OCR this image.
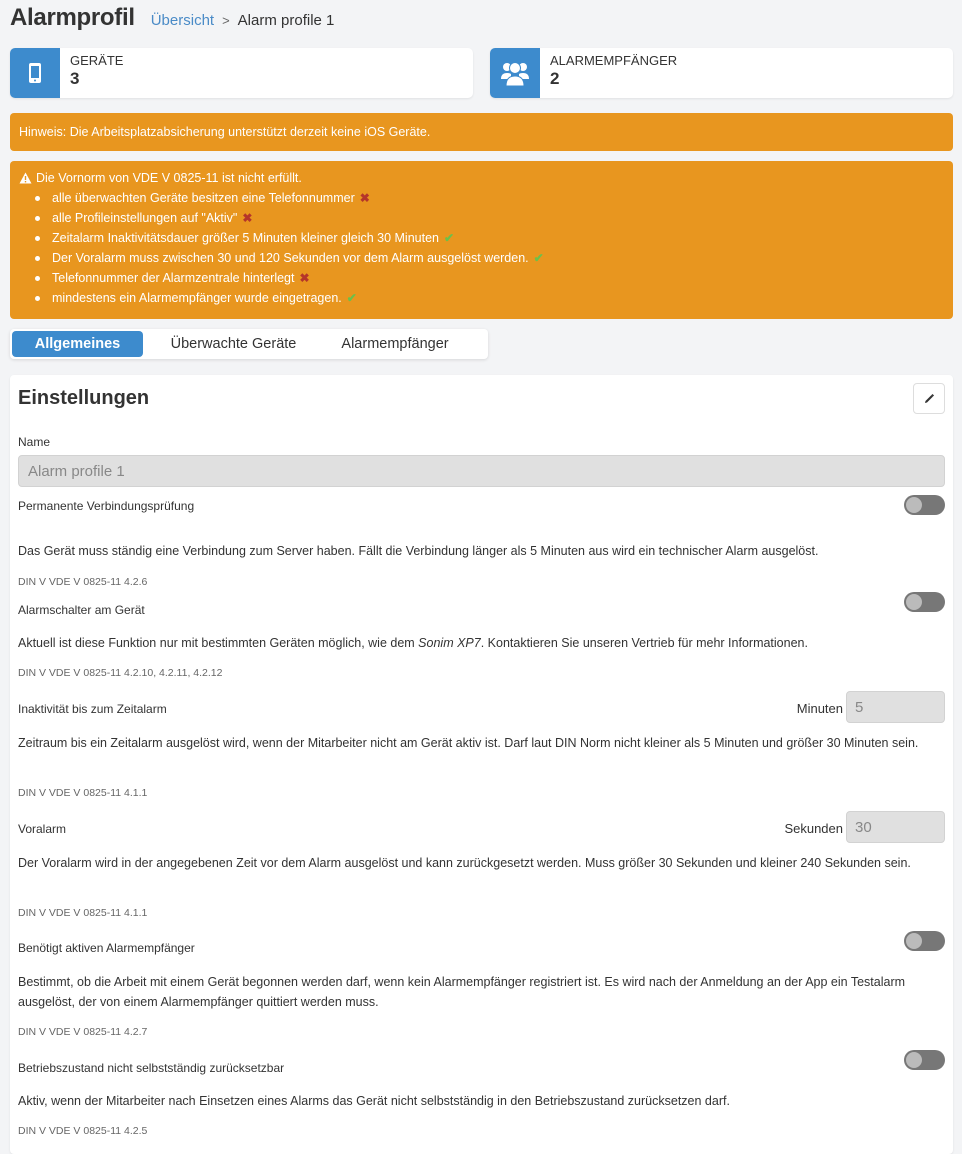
Alarmprofil Übersicht > Alarm profile 1
GERÄTE
3
ALARMEMPFÄNGER
2
Hinweis: Die Arbeitsplatzabsicherung unterstützt derzeit keine iOS Geräte.
Die Vornorm von VDE V 0825-11 ist nicht erfüllt.
alle überwachten Geräte besitzen eine Telefonnummer ✖
alle Profileinstellungen auf "Aktiv" ✖
Zeitalarm Inaktivitätsdauer größer 5 Minuten kleiner gleich 30 Minuten ✔
Der Voralarm muss zwischen 30 und 120 Sekunden vor dem Alarm ausgelöst werden. ✔
Telefonnummer der Alarmzentrale hinterlegt ✖
mindestens ein Alarmempfänger wurde eingetragen. ✔
Allgemeines	Überwachte Geräte	Alarmempfänger
Einstellungen
Name
Alarm profile 1
Permanente Verbindungsprüfung
Das Gerät muss ständig eine Verbindung zum Server haben. Fällt die Verbindung länger als 5 Minuten aus wird ein technischer Alarm ausgelöst.
DIN V VDE V 0825-11 4.2.6
Alarmschalter am Gerät
Aktuell ist diese Funktion nur mit bestimmten Geräten möglich, wie dem Sonim XP7. Kontaktieren Sie unseren Vertrieb für mehr Informationen.
DIN V VDE V 0825-11 4.2.10, 4.2.11, 4.2.12
Inaktivität bis zum Zeitalarm	Minuten 5
Zeitraum bis ein Zeitalarm ausgelöst wird, wenn der Mitarbeiter nicht am Gerät aktiv ist. Darf laut DIN Norm nicht kleiner als 5 Minuten und größer 30 Minuten sein.
DIN V VDE V 0825-11 4.1.1
Voralarm	Sekunden 30
Der Voralarm wird in der angegebenen Zeit vor dem Alarm ausgelöst und kann zurückgesetzt werden. Muss größer 30 Sekunden und kleiner 240 Sekunden sein.
DIN V VDE V 0825-11 4.1.1
Benötigt aktiven Alarmempfänger
Bestimmt, ob die Arbeit mit einem Gerät begonnen werden darf, wenn kein Alarmempfänger registriert ist. Es wird nach der Anmeldung an der App ein Testalarm ausgelöst, der von einem Alarmempfänger quittiert werden muss.
DIN V VDE V 0825-11 4.2.7
Betriebszustand nicht selbstständig zurücksetzbar
Aktiv, wenn der Mitarbeiter nach Einsetzen eines Alarms das Gerät nicht selbstständig in den Betriebszustand zurücksetzen darf.
DIN V VDE V 0825-11 4.2.5
